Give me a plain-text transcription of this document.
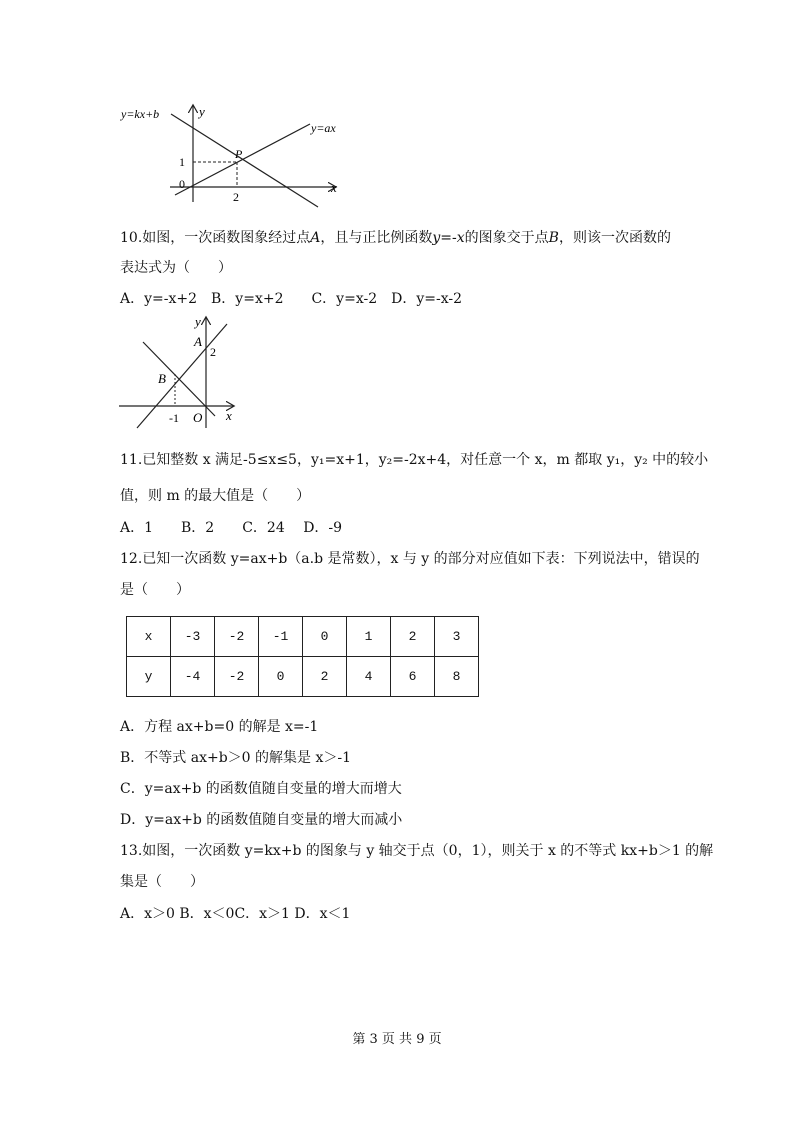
y=kx+b
y=ax
y
x
P
1
2
0
10.如图，一次函数图象经过点A，且与正比例函数y=-x的图象交于点B，则该一次函数的
表达式为（　　）
A．y=-x+2　B．y=x+2　　C．y=x-2　D．y=-x-2
y
x
A
B
2
-1 O
11.已知整数 x 满足-5≤x≤5，y₁=x+1，y₂=-2x+4，对任意一个 x，m 都取 y₁，y₂ 中的较小
值，则 m 的最大值是（　　）
A．1　　B．2　　C．24　 D．-9
12.已知一次函数 y=ax+b（a.b 是常数），x 与 y 的部分对应值如下表：下列说法中，错误的
是（　　）
x	-3	-2	-1	0	1	2	3
y	-4	-2	0	2	4	6	8
A．方程 ax+b=0 的解是 x=-1
B．不等式 ax+b＞0 的解集是 x＞-1
C．y=ax+b 的函数值随自变量的增大而增大
D．y=ax+b 的函数值随自变量的增大而减小
13.如图，一次函数 y=kx+b 的图象与 y 轴交于点（0，1），则关于 x 的不等式 kx+b＞1 的解
集是（　　）
A．x＞0 B．x＜0C．x＞1 D．x＜1
第 3 页 共 9 页
